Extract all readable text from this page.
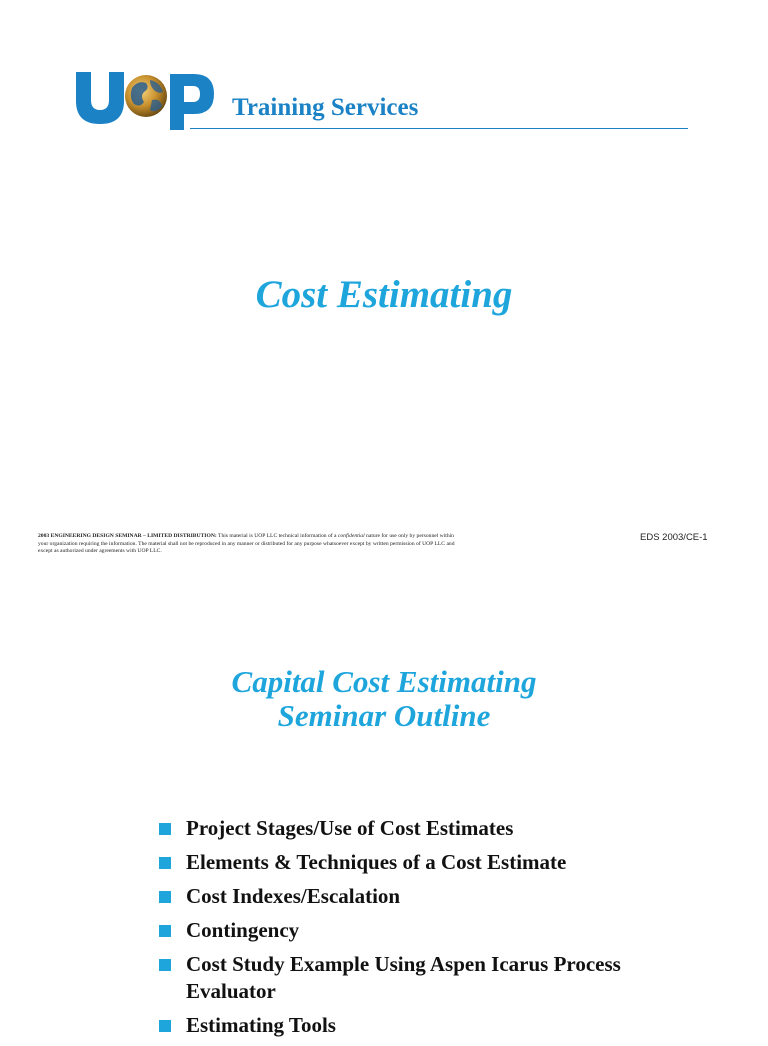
Training Services
Cost Estimating
2003 ENGINEERING DESIGN SEMINAR – LIMITED DISTRIBUTION: This material is UOP LLC technical information of a confidential nature for use only by personnel within your organization requiring the information. The material shall not be reproduced in any manner or distributed for any purpose whatsoever except by written permission of UOP LLC and except as authorized under agreements with UOP LLC.
EDS 2003/CE-1
Capital Cost Estimating
Seminar Outline
Project Stages/Use of Cost Estimates
Elements & Techniques of a Cost Estimate
Cost Indexes/Escalation
Contingency
Cost Study Example Using Aspen Icarus Process Evaluator
Estimating Tools
